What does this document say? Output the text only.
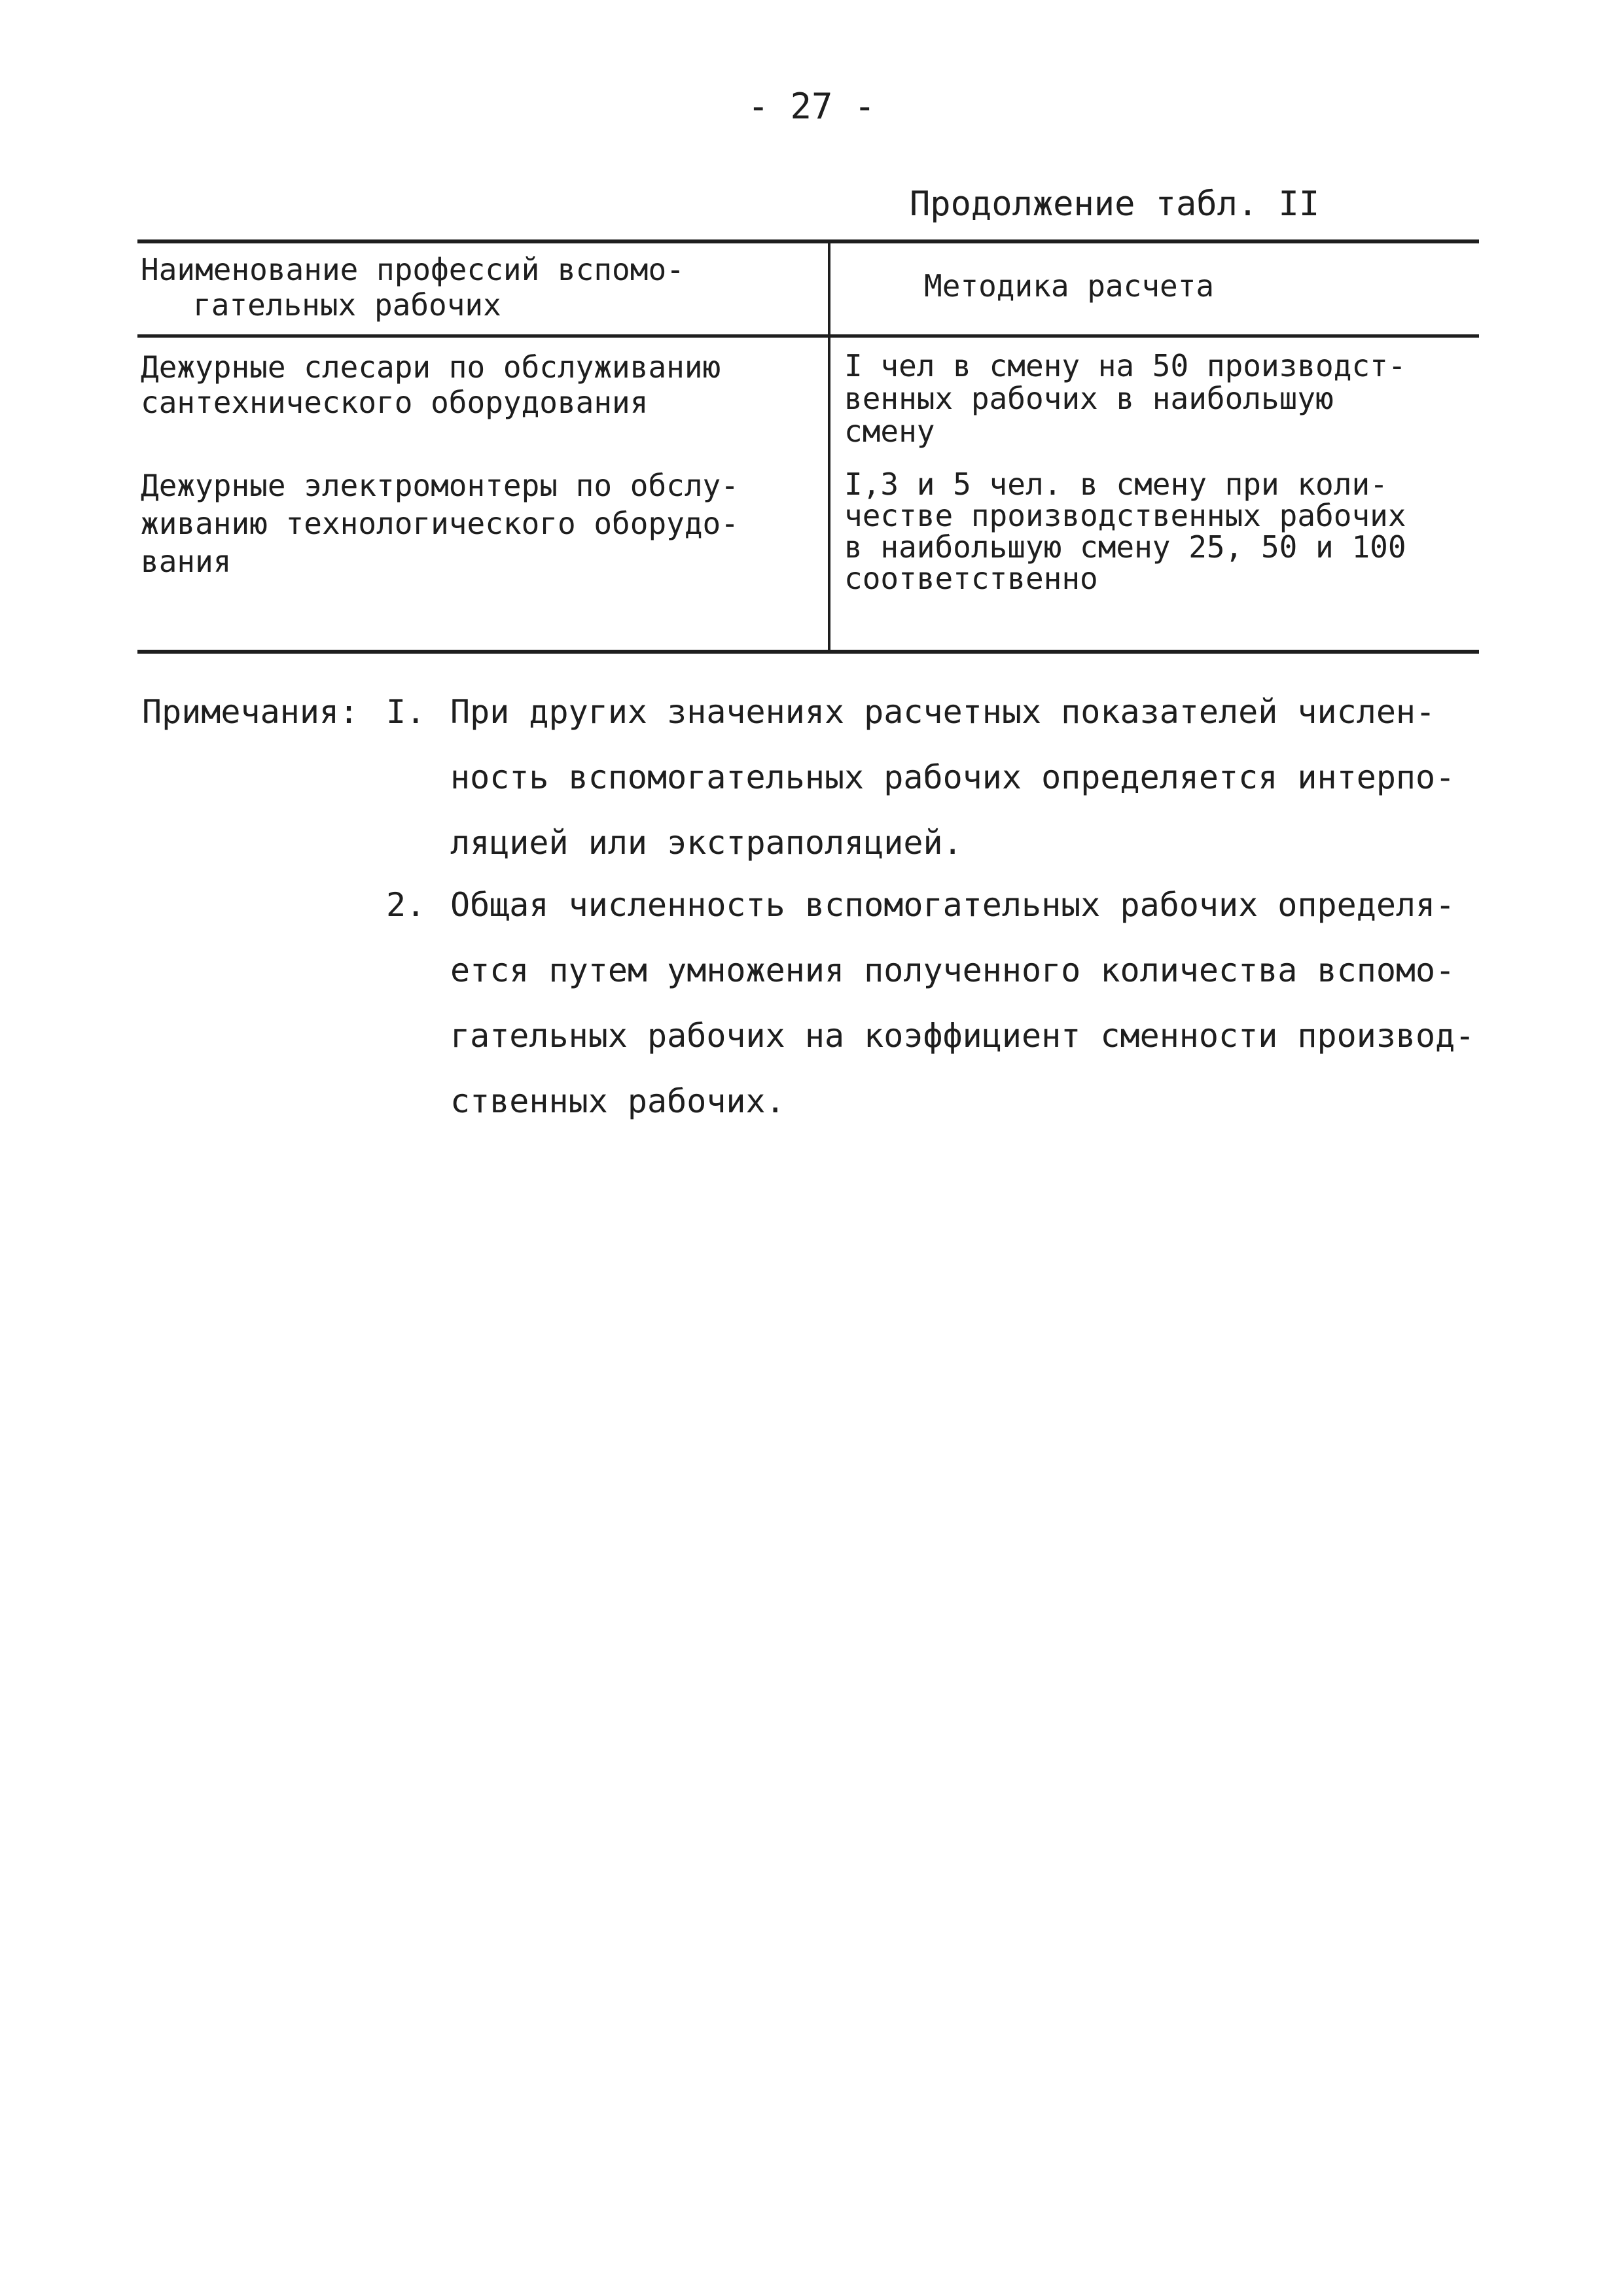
- 27 -
Продолжение табл. II
Наименование профессий вспомо-
гательных рабочих
Методика расчета
Дежурные слесари по обслуживанию
сантехнического оборудования
I чел в смену на 50 производст-
венных рабочих в наибольшую
смену
Дежурные электромонтеры по обслу-
живанию технологического оборудо-
вания
I,3 и 5 чел. в смену при коли-
честве производственных рабочих
в наибольшую смену 25, 50 и 100
соответственно
Примечания: I. При других значениях расчетных показателей числен-
ность вспомогательных рабочих определяется интерпо-
ляцией или экстраполяцией.
2. Общая численность вспомогательных рабочих определя-
ется путем умножения полученного количества вспомо-
гательных рабочих на коэффициент сменности производ-
ственных рабочих.
